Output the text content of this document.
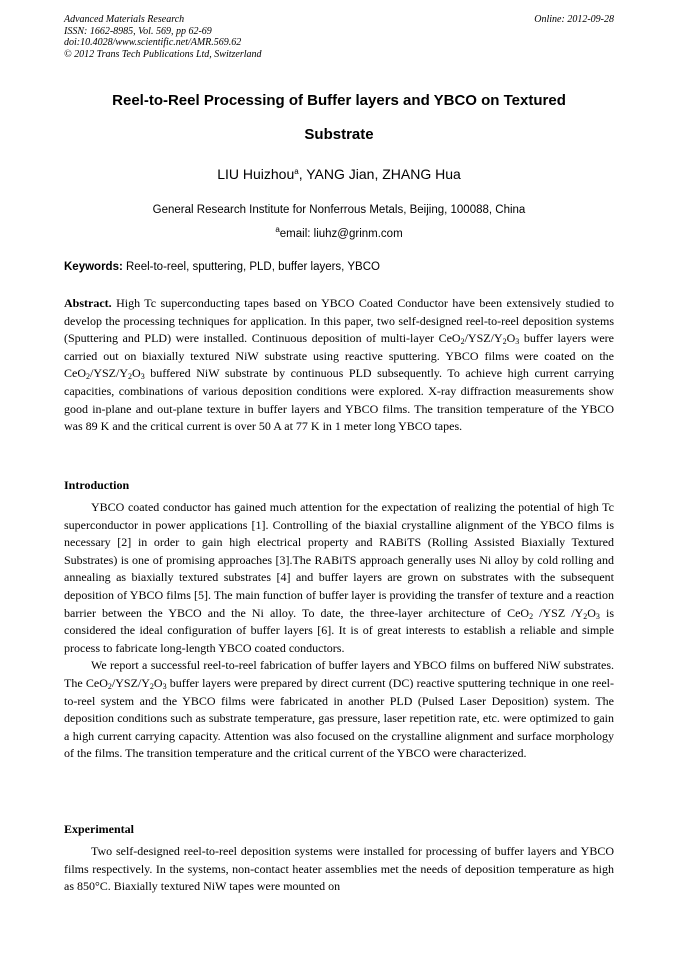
Advanced Materials Research
ISSN: 1662-8985, Vol. 569, pp 62-69
doi:10.4028/www.scientific.net/AMR.569.62
© 2012 Trans Tech Publications Ltd, Switzerland
Online: 2012-09-28
Reel-to-Reel Processing of Buffer layers and YBCO on Textured
Substrate
LIU Huizhou$^a$, YANG Jian, ZHANG Hua
General Research Institute for Nonferrous Metals, Beijing, 100088, China
$^a$email: liuhz@grinm.com
Keywords: Reel-to-reel, sputtering, PLD, buffer layers, YBCO

Abstract. High Tc superconducting tapes based on YBCO Coated Conductor have been extensively studied to develop the processing techniques for application. In this paper, two self-designed reel-to-reel deposition systems (Sputtering and PLD) were installed. Continuous deposition of multi-layer $CeO_2/YSZ/Y_2O_3$ buffer layers were carried out on biaxially textured NiW substrate using reactive sputtering. YBCO films were coated on the $CeO_2/YSZ/Y_2O_3$ buffered NiW substrate by continuous PLD subsequently. To achieve high current carrying capacities, combinations of various deposition conditions were explored. X-ray diffraction measurements show good in-plane and out-plane texture in buffer layers and YBCO films. The transition temperature of the YBCO was 89 K and the critical current is over 50 A at 77 K in 1 meter long YBCO tapes.

Introduction

YBCO coated conductor has gained much attention for the expectation of realizing the potential of high Tc superconductor in power applications [1]. Controlling of the biaxial crystalline alignment of the YBCO films is necessary [2] in order to gain high electrical property and RABiTS (Rolling Assisted Biaxially Textured Substrates) is one of promising approaches [3].The RABiTS approach generally uses Ni alloy by cold rolling and annealing as biaxially textured substrates [4] and buffer layers are grown on substrates with the subsequent deposition of YBCO films [5]. The main function of buffer layer is providing the transfer of texture and a reaction barrier between the YBCO and the Ni alloy. To date, the three-layer architecture of CeO$_2$ /YSZ $/Y_2O_3$ is considered the ideal configuration of buffer layers [6]. It is of great interests to establish a reliable and simple process to fabricate long-length YBCO coated conductors.

We report a successful reel-to-reel fabrication of buffer layers and YBCO films on buffered NiW substrates. The $CeO_2/YSZ/Y_2O_3$ buffer layers were prepared by direct current (DC) reactive sputtering technique in one reel-to-reel system and the YBCO films were fabricated in another PLD (Pulsed Laser Deposition) system. The deposition conditions such as substrate temperature, gas pressure, laser repetition rate, etc. were optimized to gain a high current carrying capacity. Attention was also focused on the crystalline alignment and surface morphology of the films. The transition temperature and the critical current of the YBCO were characterized.

Experimental

Two self-designed reel-to-reel deposition systems were installed for processing of buffer layers and YBCO films respectively. In the systems, non-contact heater assemblies met the needs of deposition temperature as high as 850°C. Biaxially textured NiW tapes were mounted on
